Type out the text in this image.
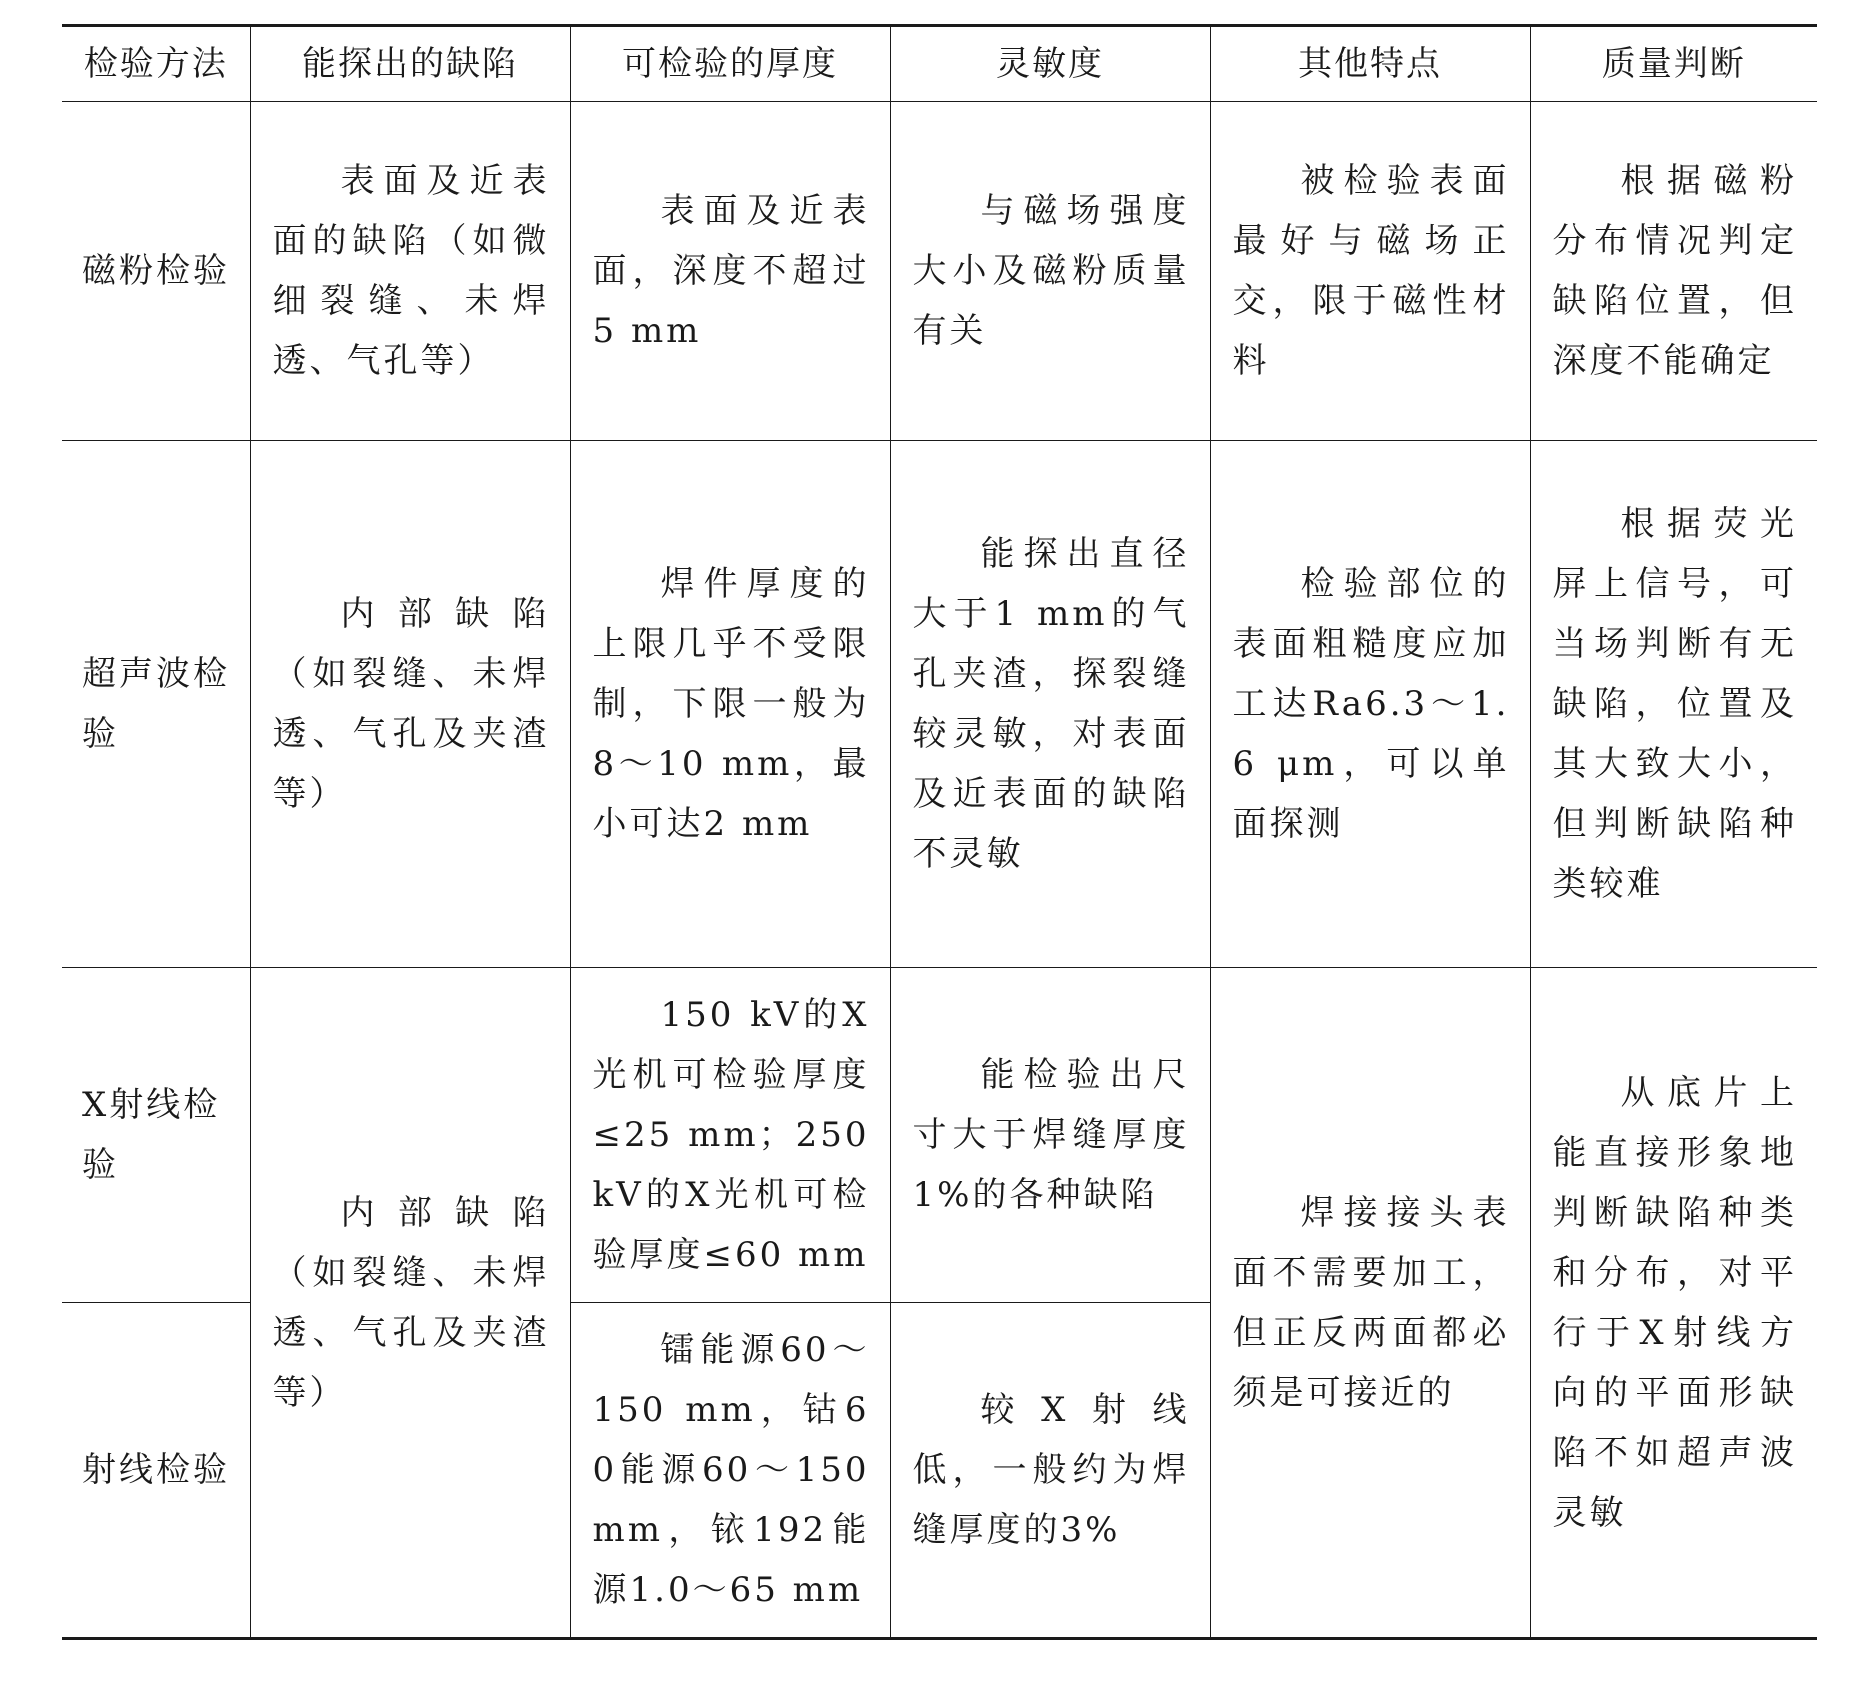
检验方法	能探出的缺陷	可检验的厚度	灵敏度	其他特点	质量判断
磁粉检验	表面及近表面的缺陷（如微细裂缝、未焊透、气孔等）	表面及近表面，深度不超过5 mm	与磁场强度大小及磁粉质量有关	被检验表面最好与磁场正交，限于磁性材料	根据磁粉分布情况判定缺陷位置，但深度不能确定
超声波检验	内部缺陷（如裂缝、未焊透、气孔及夹渣等）	焊件厚度的上限几乎不受限制，下限一般为8～10 mm，最小可达2 mm	能探出直径大于1 mm的气孔夹渣，探裂缝较灵敏，对表面及近表面的缺陷不灵敏	检验部位的表面粗糙度应加工达Ra6.3～1.6 μm，可以单面探测	根据荧光屏上信号，可当场判断有无缺陷，位置及其大致大小，但判断缺陷种类较难
X射线检验	内部缺陷（如裂缝、未焊透、气孔及夹渣等）	150 kV的X光机可检验厚度≤25 mm；250 kV的X光机可检验厚度≤60 mm	能检验出尺寸大于焊缝厚度1%的各种缺陷	焊接接头表面不需要加工，但正反两面都必须是可接近的	从底片上能直接形象地判断缺陷种类和分布，对平行于X射线方向的平面形缺陷不如超声波灵敏
射线检验		镭能源60～150 mm，钴60能源60～150 mm，铱192能源1.0～65 mm	较X射线低，一般约为焊缝厚度的3%		
